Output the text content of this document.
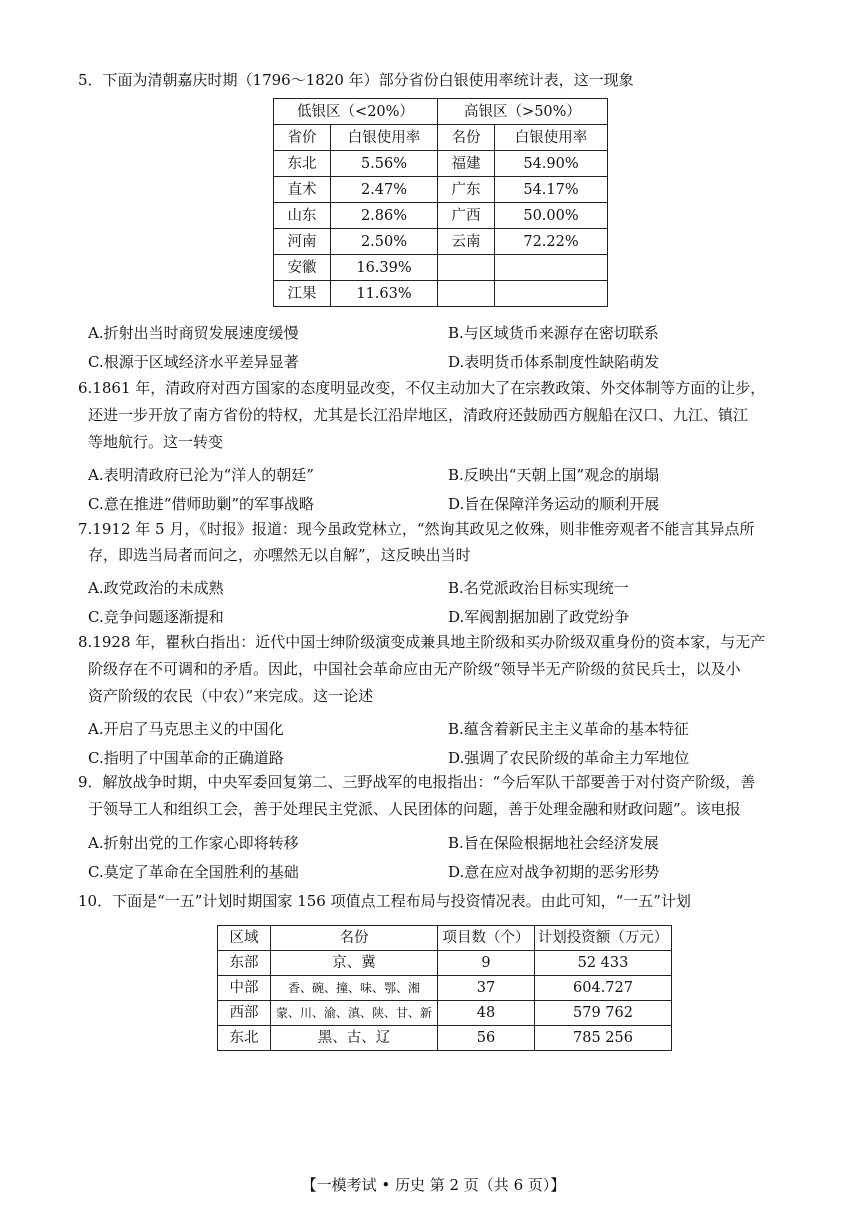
5．下面为清朝嘉庆时期（1796～1820 年）部分省份白银使用率统计表，这一现象
低银区（<20%）		高银区（>50%）	
省价	白银使用率	名份	白银使用率
东北	5.56%	福建	54.90%
直术	2.47%	广东	54.17%
山东	2.86%	广西	50.00%
河南	2.50%	云南	72.22%
安徽	16.39%		
江果	11.63%		
A.折射出当时商贸发展速度缓慢	B.与区域货币来源存在密切联系
C.根源于区域经济水平差异显著	D.表明货币体系制度性缺陷萌发
6.1861 年，清政府对西方国家的态度明显改变，不仅主动加大了在宗教政策、外交体制等方面的让步，
还进一步开放了南方省份的特权，尤其是长江沿岸地区，清政府还鼓励西方舰船在汉口、九江、镇江
等地航行。这一转变
A.表明清政府已沦为“洋人的朝廷”	B.反映出“天朝上国”观念的崩塌
C.意在推进“借师助剿”的军事战略	D.旨在保障洋务运动的顺利开展
7.1912 年 5 月，《时报》报道：现今虽政党林立，“然询其政见之攸殊，则非惟旁观者不能言其异点所
存，即选当局者而问之，亦嘿然无以自解”，这反映出当时
A.政党政治的未成熟	B.名党派政治目标实现统一
C.竞争问题逐渐提和	D.军阀割据加剧了政党纷争
8.1928 年，瞿秋白指出：近代中国士绅阶级演变成兼具地主阶级和买办阶级双重身份的资本家，与无产
阶级存在不可调和的矛盾。因此，中国社会革命应由无产阶级“领导半无产阶级的贫民兵士，以及小
资产阶级的农民（中农）”来完成。这一论述
A.开启了马克思主义的中国化	B.蕴含着新民主主义革命的基本特征
C.指明了中国革命的正确道路	D.强调了农民阶级的革命主力军地位
9．解放战争时期，中央军委回复第二、三野战军的电报指出：“今后军队干部要善于对付资产阶级，善
于领导工人和组织工会，善于处理民主党派、人民团体的问题，善于处理金融和财政问题”。该电报
A.折射出党的工作家心即将转移	B.旨在保险根据地社会经济发展
C.莫定了革命在全国胜利的基础	D.意在应对战争初期的恶劣形势
10．下面是“一五”计划时期国家 156 项值点工程布局与投资情况表。由此可知，“一五”计划
区域	名份	项目数（个）	计划投资额（万元）
东部	京、冀	9	52 433
中部	香、碗、撞、味、鄂、湘	37	604.727
西部	蒙、川、渝、滇、陕、甘、新	48	579 762
东北	黑、古、辽	56	785 256
【一模考试 • 历史 第 2 页（共 6 页）】
